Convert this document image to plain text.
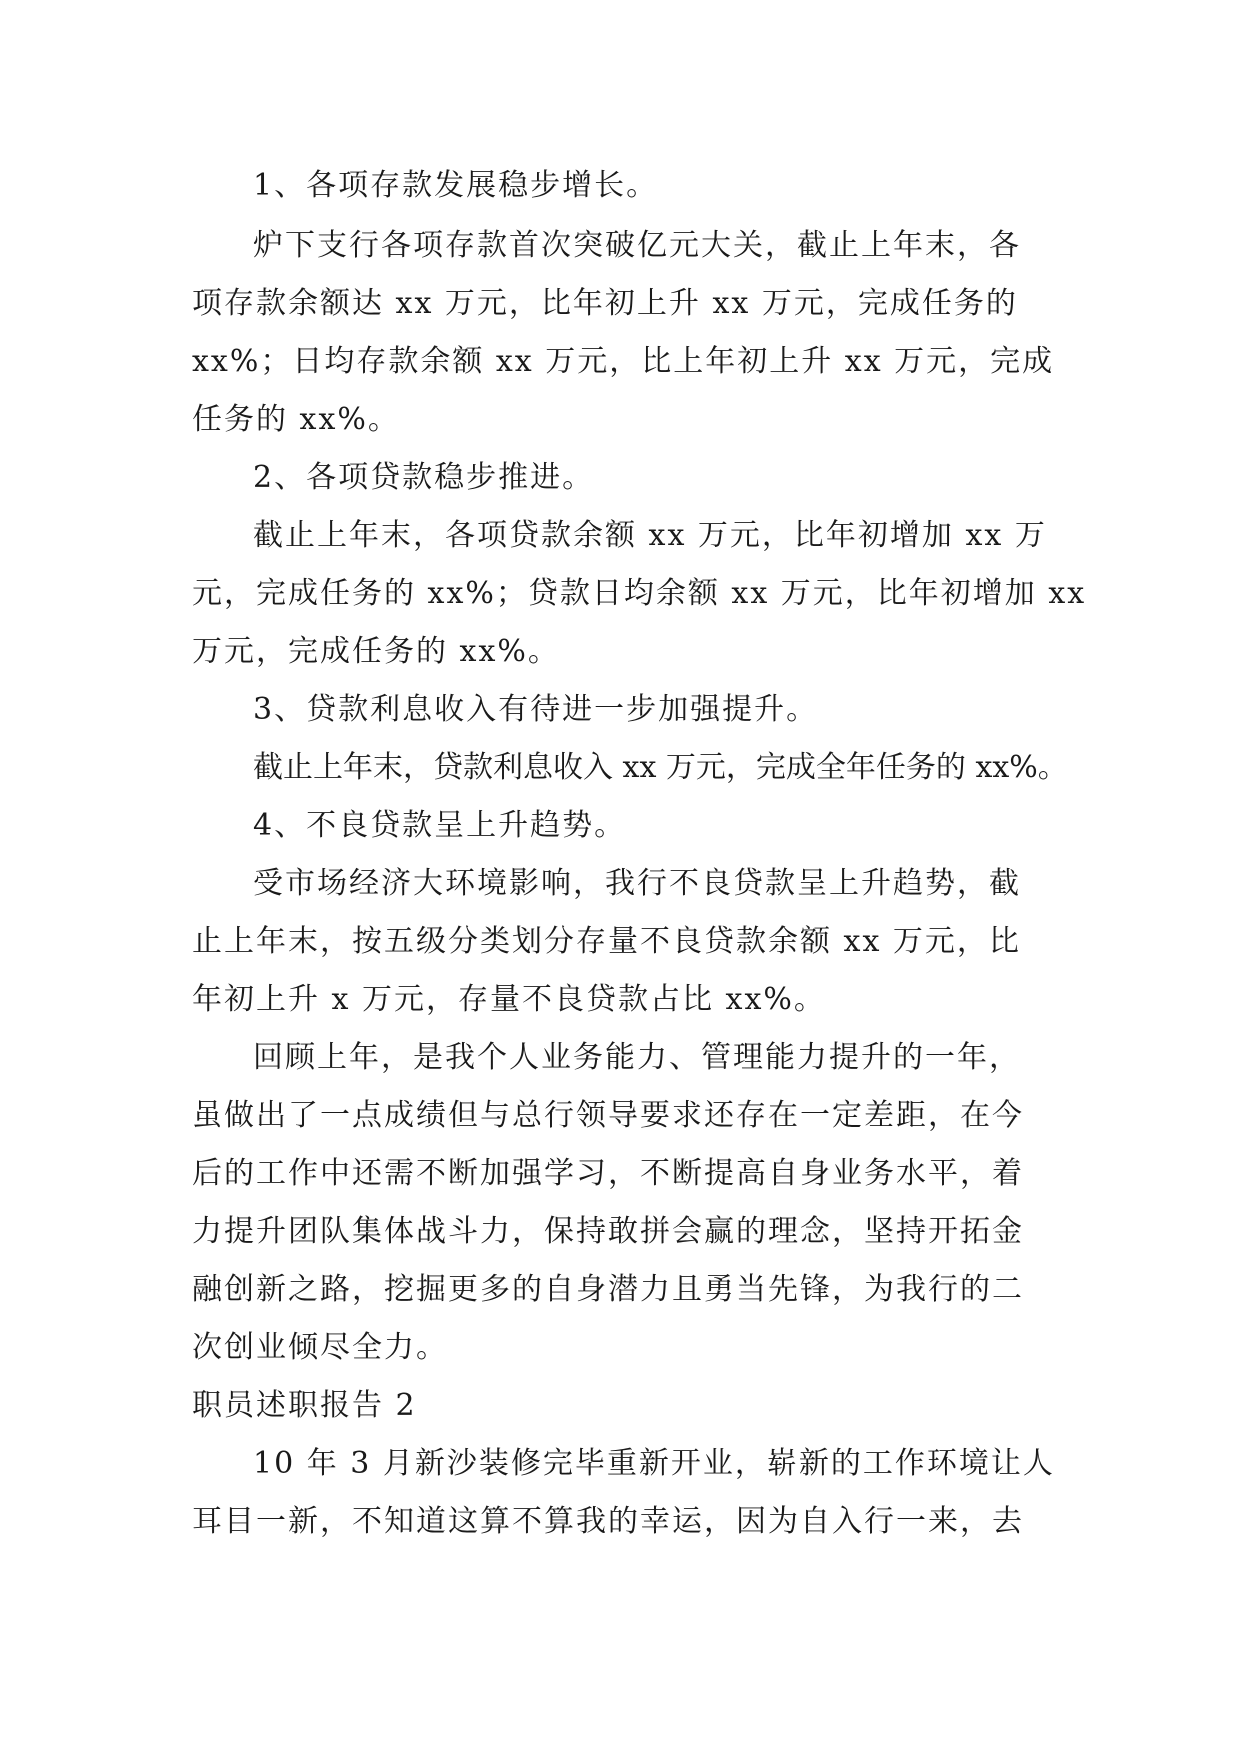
1、各项存款发展稳步增长。
炉下支行各项存款首次突破亿元大关，截止上年末，各
项存款余额达 xx 万元，比年初上升 xx 万元，完成任务的
xx%；日均存款余额 xx 万元，比上年初上升 xx 万元，完成
任务的 xx%。
2、各项贷款稳步推进。
截止上年末，各项贷款余额 xx 万元，比年初增加 xx 万
元，完成任务的 xx%；贷款日均余额 xx 万元，比年初增加 xx
万元，完成任务的 xx%。
3、贷款利息收入有待进一步加强提升。
截止上年末，贷款利息收入 xx 万元，完成全年任务的 xx%。
4、不良贷款呈上升趋势。
受市场经济大环境影响，我行不良贷款呈上升趋势，截
止上年末，按五级分类划分存量不良贷款余额 xx 万元，比
年初上升 x 万元，存量不良贷款占比 xx%。
回顾上年，是我个人业务能力、管理能力提升的一年，
虽做出了一点成绩但与总行领导要求还存在一定差距，在今
后的工作中还需不断加强学习，不断提高自身业务水平，着
力提升团队集体战斗力，保持敢拼会赢的理念，坚持开拓金
融创新之路，挖掘更多的自身潜力且勇当先锋，为我行的二
次创业倾尽全力。
职员述职报告 2
10 年 3 月新沙装修完毕重新开业，崭新的工作环境让人
耳目一新，不知道这算不算我的幸运，因为自入行一来，去
